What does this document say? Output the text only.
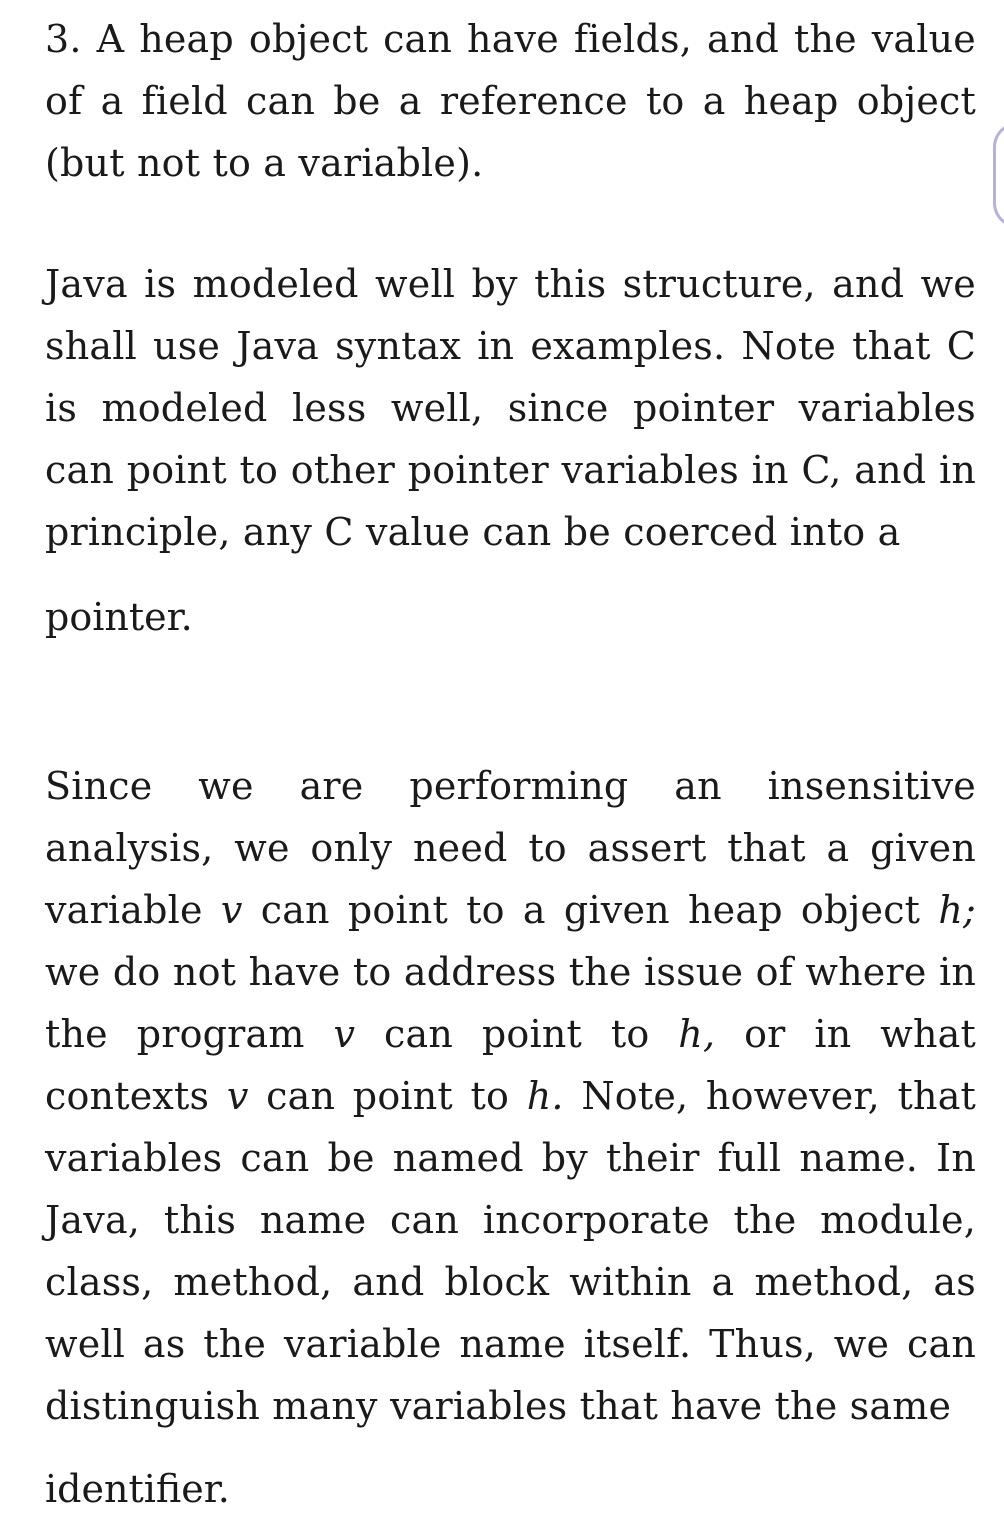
3. A heap object can have fields, and the value of a field can be a reference to a heap object (but not to a variable).

Java is modeled well by this structure, and we shall use Java syntax in examples. Note that C is modeled less well, since pointer variables can point to other pointer variables in C, and in principle, any C value can be coerced into a

pointer.

Since we are performing an insensitive analysis, we only need to assert that a given variable v can point to a given heap object h; we do not have to address the issue of where in the program v can point to h, or in what contexts v can point to h. Note, however, that variables can be named by their full name. In Java, this name can incorporate the module, class, method, and block within a method, as well as the variable name itself. Thus, we can distinguish many variables that have the same

identifier.
